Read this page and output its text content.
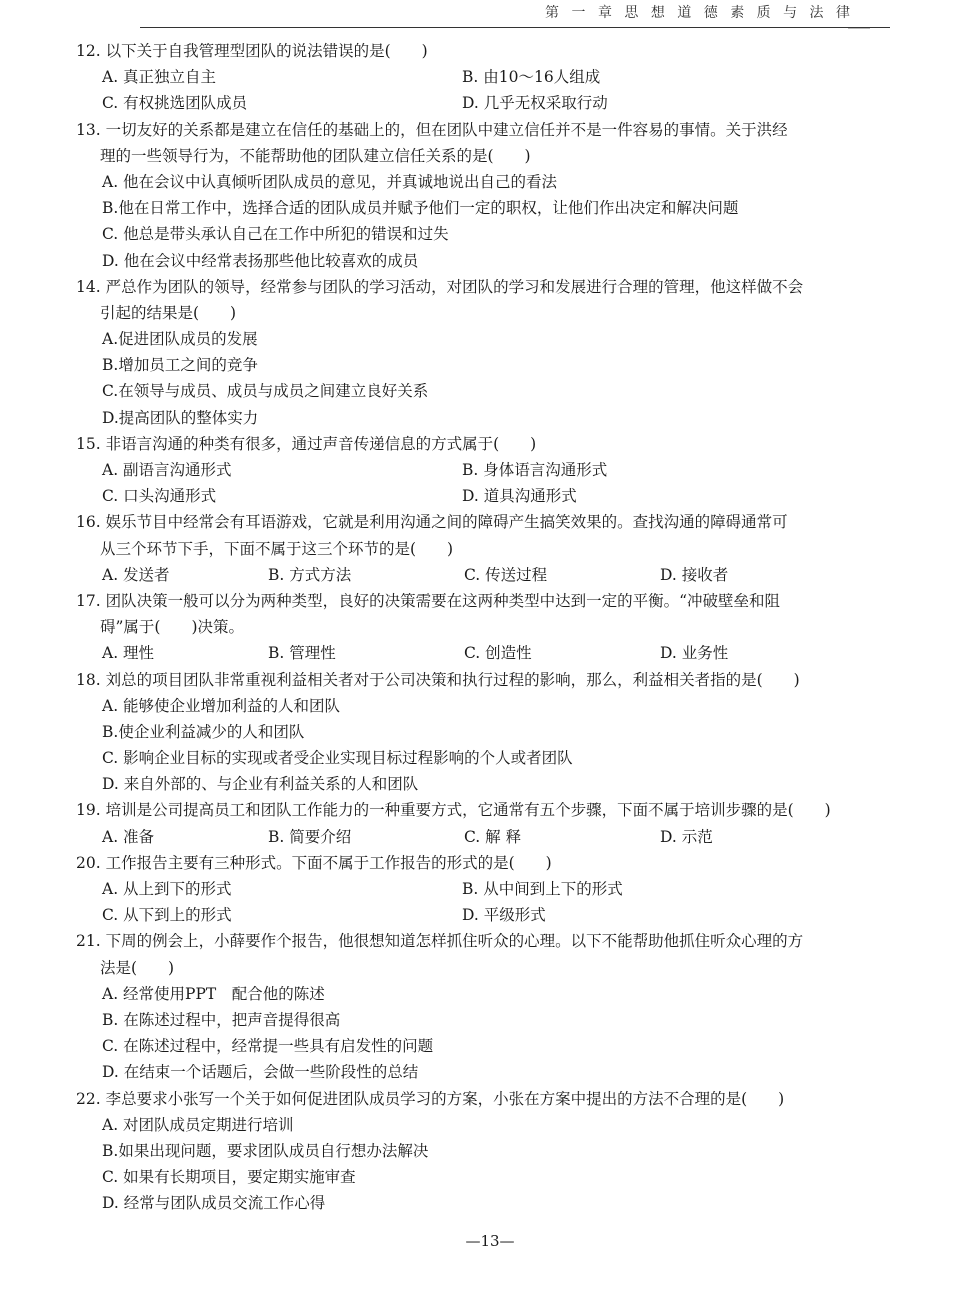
第 一 章 思 想 道 德 素 质 与 法 律
12. 以下关于自我管理型团队的说法错误的是(　　)
A. 真正独立自主	B. 由10～16人组成
C. 有权挑选团队成员	D. 几乎无权采取行动
13. 一切友好的关系都是建立在信任的基础上的，但在团队中建立信任并不是一件容易的事情。关于洪经
理的一些领导行为，不能帮助他的团队建立信任关系的是(　　)
A. 他在会议中认真倾听团队成员的意见，并真诚地说出自己的看法
B.他在日常工作中，选择合适的团队成员并赋予他们一定的职权，让他们作出决定和解决问题
C. 他总是带头承认自己在工作中所犯的错误和过失
D. 他在会议中经常表扬那些他比较喜欢的成员
14. 严总作为团队的领导，经常参与团队的学习活动，对团队的学习和发展进行合理的管理，他这样做不会
引起的结果是(　　)
A.促进团队成员的发展
B.增加员工之间的竞争
C.在领导与成员、成员与成员之间建立良好关系
D.提高团队的整体实力
15. 非语言沟通的种类有很多，通过声音传递信息的方式属于(　　)
A. 副语言沟通形式	B. 身体语言沟通形式
C. 口头沟通形式	D. 道具沟通形式
16. 娱乐节目中经常会有耳语游戏，它就是利用沟通之间的障碍产生搞笑效果的。查找沟通的障碍通常可
从三个环节下手，下面不属于这三个环节的是(　　)
A. 发送者	B. 方式方法	C. 传送过程	D. 接收者
17. 团队决策一般可以分为两种类型，良好的决策需要在这两种类型中达到一定的平衡。“冲破壁垒和阻
碍”属于(　　)决策。
A. 理性	B. 管理性	C. 创造性	D. 业务性
18. 刘总的项目团队非常重视利益相关者对于公司决策和执行过程的影响，那么，利益相关者指的是(　　)
A. 能够使企业增加利益的人和团队
B.使企业利益减少的人和团队
C. 影响企业目标的实现或者受企业实现目标过程影响的个人或者团队
D. 来自外部的、与企业有利益关系的人和团队
19. 培训是公司提高员工和团队工作能力的一种重要方式，它通常有五个步骤，下面不属于培训步骤的是(　　)
A. 准备	B. 简要介绍	C. 解 释	D. 示范
20. 工作报告主要有三种形式。下面不属于工作报告的形式的是(　　)
A. 从上到下的形式	B. 从中间到上下的形式
C. 从下到上的形式	D. 平级形式
21. 下周的例会上，小薛要作个报告，他很想知道怎样抓住听众的心理。以下不能帮助他抓住听众心理的方
法是(　　)
A. 经常使用PPT　配合他的陈述
B. 在陈述过程中，把声音提得很高
C. 在陈述过程中，经常提一些具有启发性的问题
D. 在结束一个话题后，会做一些阶段性的总结
22. 李总要求小张写一个关于如何促进团队成员学习的方案，小张在方案中提出的方法不合理的是(　　)
A. 对团队成员定期进行培训
B.如果出现问题，要求团队成员自行想办法解决
C. 如果有长期项目，要定期实施审查
D. 经常与团队成员交流工作心得
—13—
